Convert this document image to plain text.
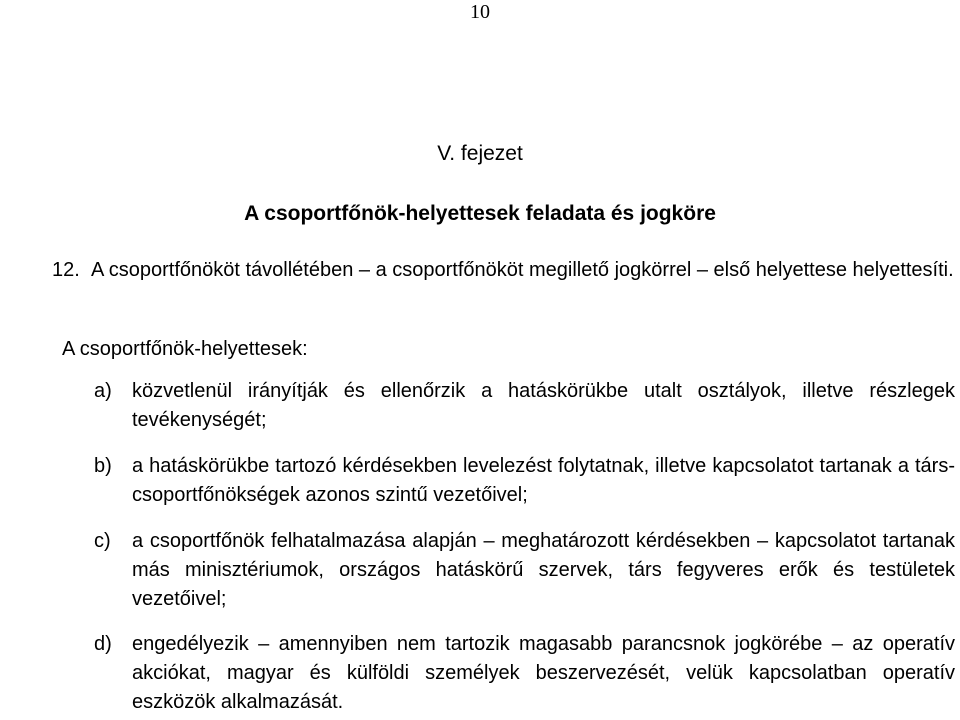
10
V. fejezet
A csoportfőnök-helyettesek feladata és jogköre
12. A csoportfőnököt távollétében – a csoportfőnököt megillető jogkörrel – első helyettese helyettesíti.
A csoportfőnök-helyettesek:
a) közvetlenül irányítják és ellenőrzik a hatáskörükbe utalt osztályok, illetve részlegek tevékenységét;
b) a hatáskörükbe tartozó kérdésekben levelezést folytatnak, illetve kapcsolatot tartanak a társ-csoportfőnökségek azonos szintű vezetőivel;
c) a csoportfőnök felhatalmazása alapján – meghatározott kérdésekben – kapcsolatot tartanak más minisztériumok, országos hatáskörű szervek, társ fegyveres erők és testületek vezetőivel;
d) engedélyezik – amennyiben nem tartozik magasabb parancsnok jogkörébe – az operatív akciókat, magyar és külföldi személyek beszervezését, velük kapcsolatban operatív eszközök alkalmazását.
